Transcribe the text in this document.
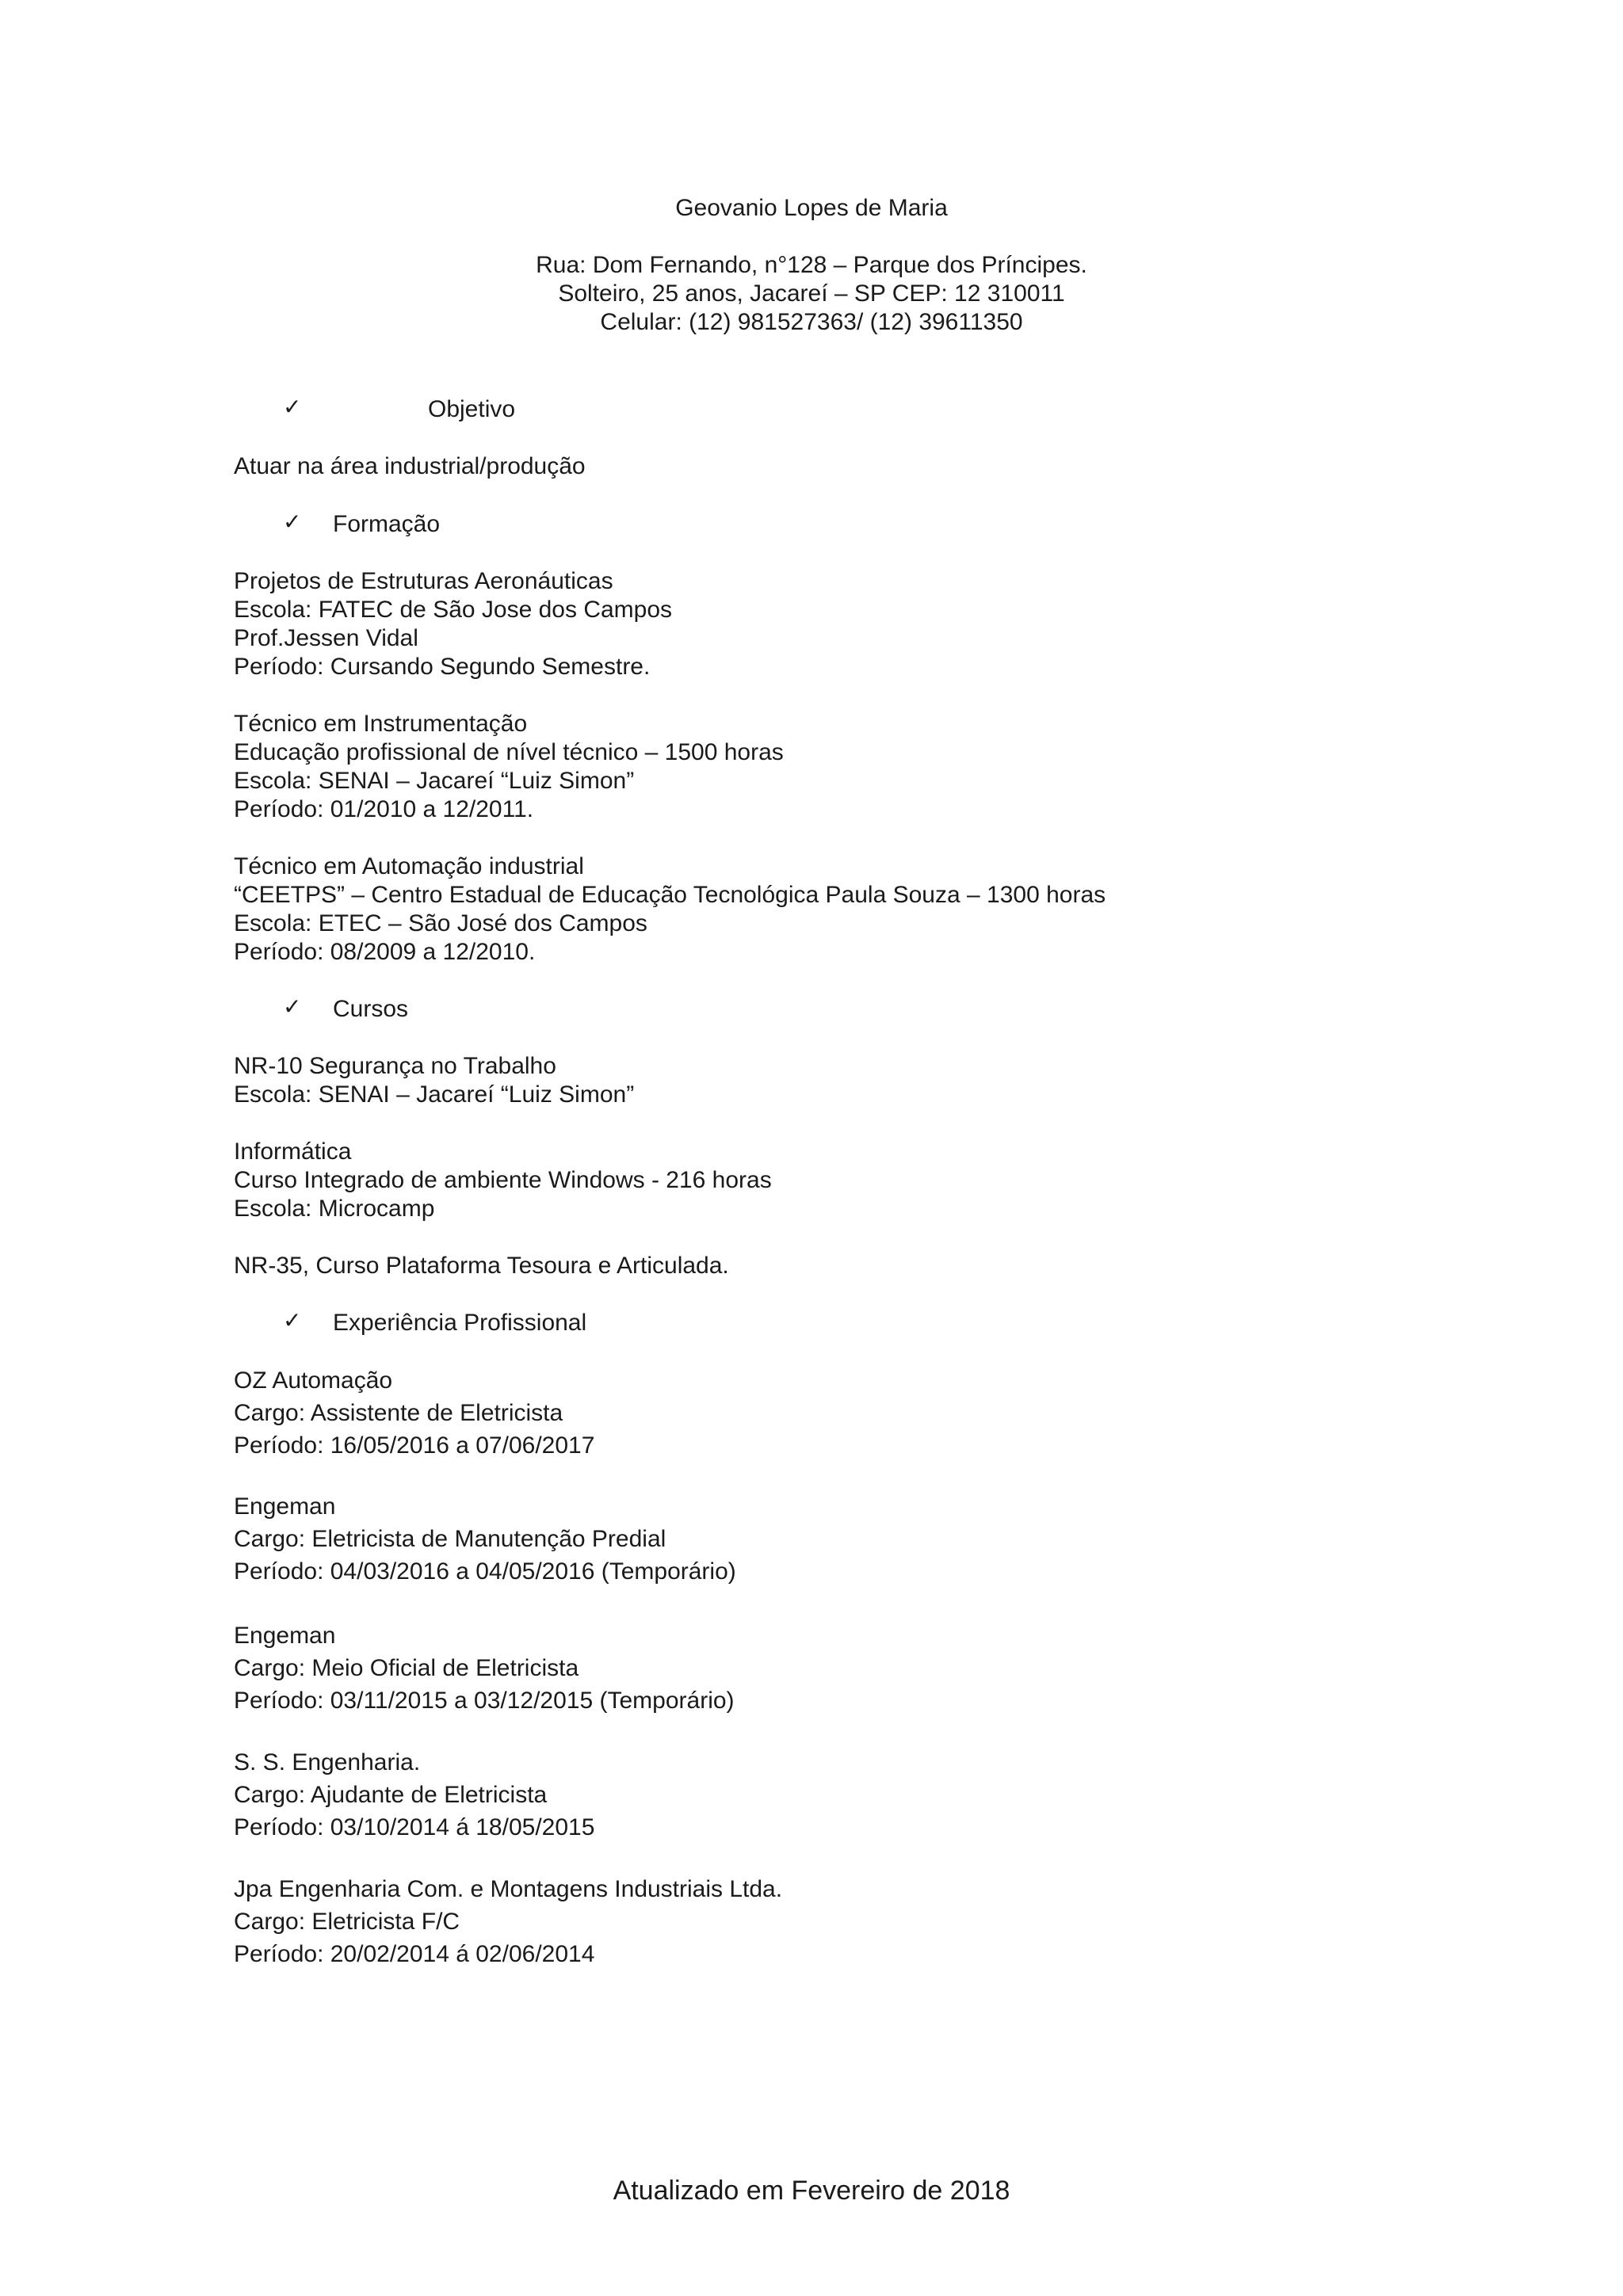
Geovanio Lopes de Maria
Rua: Dom Fernando, n°128 – Parque dos Príncipes.
Solteiro, 25 anos, Jacareí – SP CEP: 12 310011
Celular: (12) 981527363/ (12) 39611350
✓	Objetivo
Atuar na área industrial/produção
✓ Formação
Projetos de Estruturas Aeronáuticas
Escola: FATEC de São Jose dos Campos
Prof.Jessen Vidal
Período: Cursando Segundo Semestre.
Técnico em Instrumentação
Educação profissional de nível técnico – 1500 horas
Escola: SENAI – Jacareí “Luiz Simon”
Período: 01/2010 a 12/2011.
Técnico em Automação industrial
“CEETPS” – Centro Estadual de Educação Tecnológica Paula Souza – 1300 horas
Escola: ETEC – São José dos Campos
Período: 08/2009 a 12/2010.
✓ Cursos
NR-10 Segurança no Trabalho
Escola: SENAI – Jacareí “Luiz Simon”
Informática
Curso Integrado de ambiente Windows - 216 horas
Escola: Microcamp
NR-35, Curso Plataforma Tesoura e Articulada.
✓ Experiência Profissional
OZ Automação
Cargo: Assistente de Eletricista
Período: 16/05/2016 a 07/06/2017
Engeman
Cargo: Eletricista de Manutenção Predial
Período: 04/03/2016 a 04/05/2016 (Temporário)
Engeman
Cargo: Meio Oficial de Eletricista
Período: 03/11/2015 a 03/12/2015 (Temporário)
S. S. Engenharia.
Cargo: Ajudante de Eletricista
Período: 03/10/2014 á 18/05/2015
Jpa Engenharia Com. e Montagens Industriais Ltda.
Cargo: Eletricista F/C
Período: 20/02/2014 á 02/06/2014
Atualizado em Fevereiro de 2018
